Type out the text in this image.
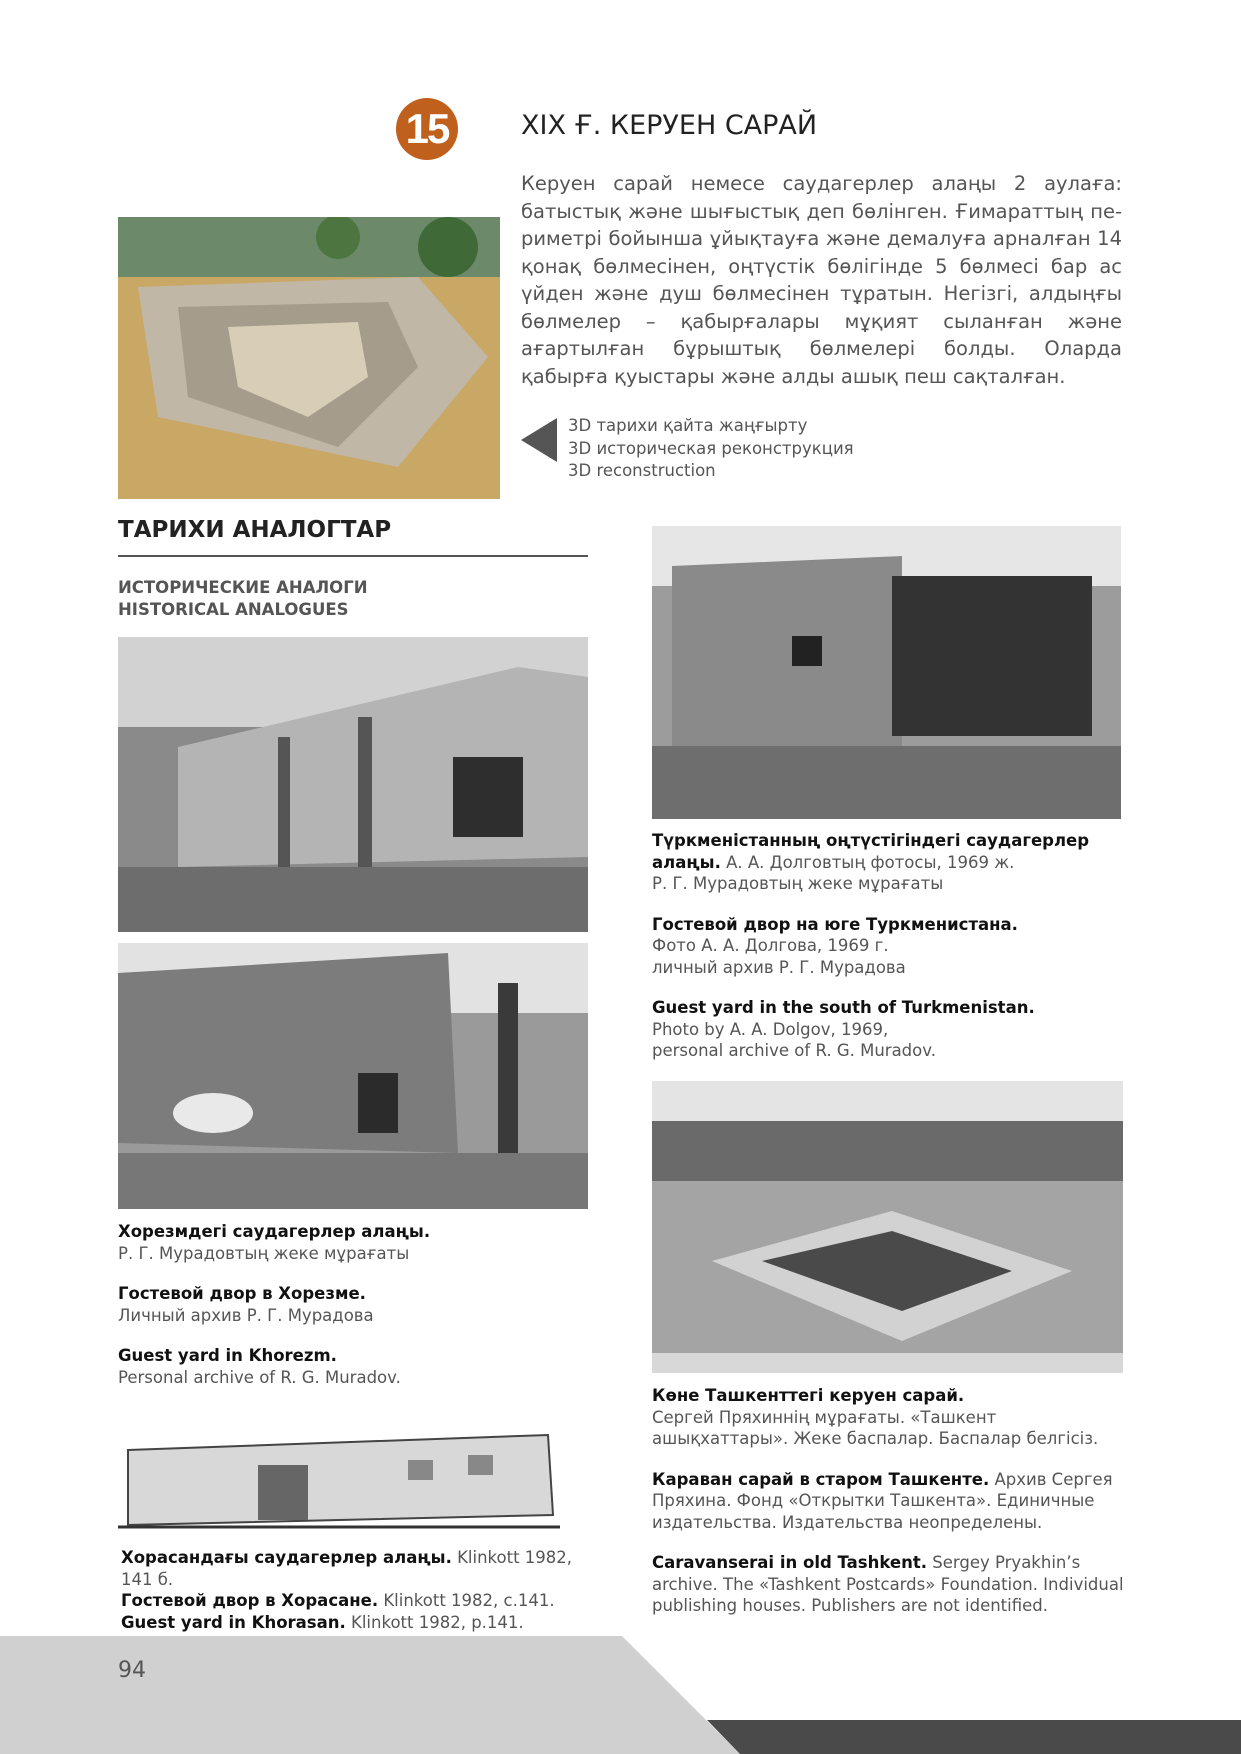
15	XIX Ғ. КЕРУЕН САРАЙ
Керуен сарай немесе саудагерлер алаңы 2 аулаға: батыстық және шығыстық деп бөлінген. Ғимараттың пе- риметрі бойынша ұйықтауға және демалуға арналған 14 қонақ бөлмесінен, оңтүстік бөлігінде 5 бөлмесі бар ас үйден және душ бөлмесінен тұратын. Негізгі, алдыңғы бөлмелер – қабырғалары мұқият сыланған және ағартылған бұрыштық бөлмелері болды. Оларда қабырға қуыстары және алды ашық пеш сақталған.
3D тарихи қайта жаңғырту
3D историческая реконструкция
3D reconstruction
ТАРИХИ АНАЛОГТАР
ИСТОРИЧЕСКИЕ АНАЛОГИ
HISTORICAL ANALOGUES
Хорезмдегі саудагерлер алаңы.
Р. Г. Мурадовтың жеке мұрағаты
Гостевой двор в Хорезме.
Личный архив Р. Г. Мурадова
Guest yard in Khorezm.
Personal archive of R. G. Muradov.
Хорасандағы саудагерлер алаңы. Klinkott 1982, 141 б.
Гостевой двор в Хорасане. Klinkott 1982, с.141.
Guest yard in Khorasan. Klinkott 1982, p.141.
Түркменістанның оңтүстігіндегі саудагерлер алаңы. А. А. Долговтың фотосы, 1969 ж.
Р. Г. Мурадовтың жеке мұрағаты
Гостевой двор на юге Туркменистана.
Фото А. А. Долгова, 1969 г.
личный архив Р. Г. Мурадова
Guest yard in the south of Turkmenistan.
Photo by A. A. Dolgov, 1969,
personal archive of R. G. Muradov.
Көне Ташкенттегі керуен сарай.
Сергей Пряхиннің мұрағаты. «Ташкент ашықхаттары». Жеке баспалар. Баспалар белгісіз.
Караван сарай в старом Ташкенте. Архив Сергея Пряхина. Фонд «Открытки Ташкента». Единичные издательства. Издательства неопределены.
Caravanserai in old Tashkent. Sergey Pryakhin’s archive. The «Tashkent Postcards» Foundation. Individual publishing houses. Publishers are not identified.
94
